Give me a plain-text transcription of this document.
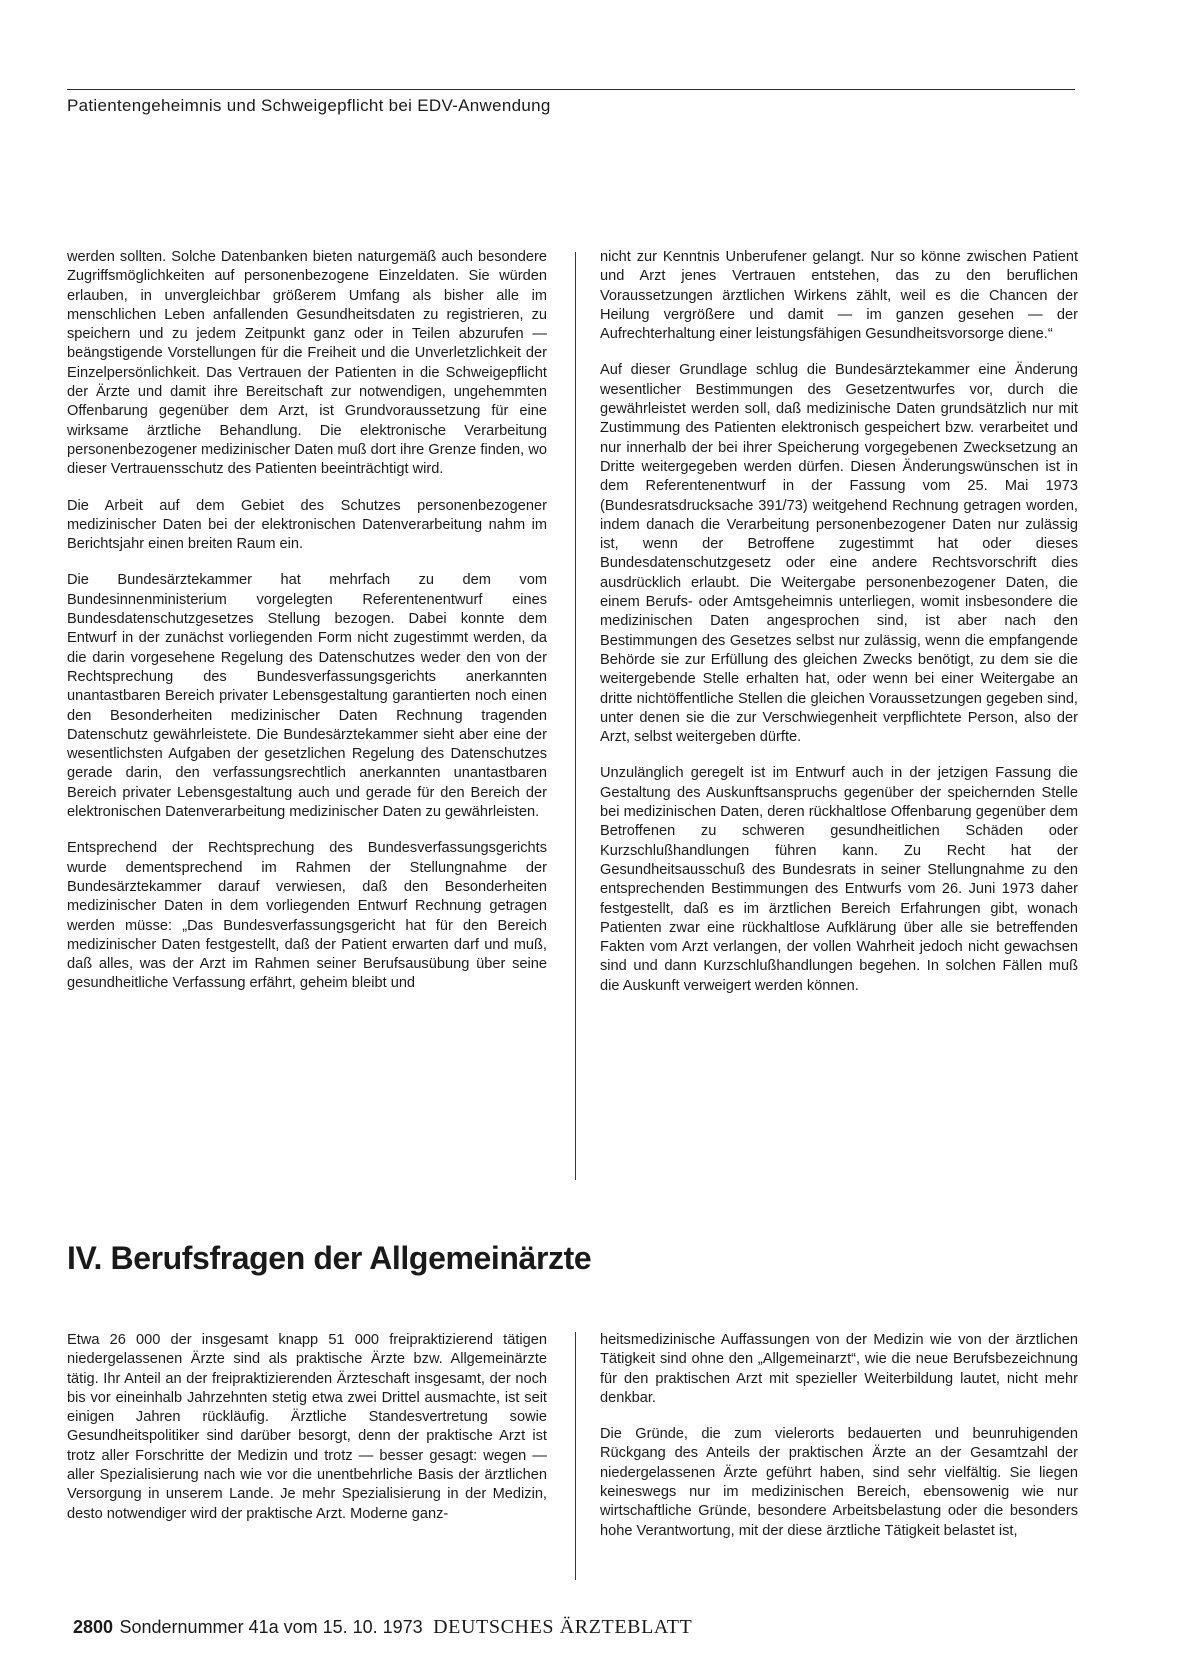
Patientengeheimnis und Schweigepflicht bei EDV-Anwendung

werden sollten. Solche Datenbanken bieten naturgemäß auch besondere Zugriffsmöglichkeiten auf personenbezogene Einzeldaten. Sie würden erlauben, in unvergleichbar größerem Umfang als bisher alle im menschlichen Leben anfallenden Gesundheitsdaten zu registrieren, zu speichern und zu jedem Zeitpunkt ganz oder in Teilen abzurufen — beängstigende Vorstellungen für die Freiheit und die Unverletzlichkeit der Einzelpersönlichkeit. Das Vertrauen der Patienten in die Schweigepflicht der Ärzte und damit ihre Bereitschaft zur notwendigen, ungehemmten Offenbarung gegenüber dem Arzt, ist Grundvoraussetzung für eine wirksame ärztliche Behandlung. Die elektronische Verarbeitung personenbezogener medizinischer Daten muß dort ihre Grenze finden, wo dieser Vertrauensschutz des Patienten beeinträchtigt wird.

Die Arbeit auf dem Gebiet des Schutzes personenbezogener medizinischer Daten bei der elektronischen Datenverarbeitung nahm im Berichtsjahr einen breiten Raum ein.

Die Bundesärztekammer hat mehrfach zu dem vom Bundesinnenministerium vorgelegten Referentenentwurf eines Bundesdatenschutzgesetzes Stellung bezogen. Dabei konnte dem Entwurf in der zunächst vorliegenden Form nicht zugestimmt werden, da die darin vorgesehene Regelung des Datenschutzes weder den von der Rechtsprechung des Bundesverfassungsgerichts anerkannten unantastbaren Bereich privater Lebensgestaltung garantierten noch einen den Besonderheiten medizinischer Daten Rechnung tragenden Datenschutz gewährleistete. Die Bundesärztekammer sieht aber eine der wesentlichsten Aufgaben der gesetzlichen Regelung des Datenschutzes gerade darin, den verfassungsrechtlich anerkannten unantastbaren Bereich privater Lebensgestaltung auch und gerade für den Bereich der elektronischen Datenverarbeitung medizinischer Daten zu gewährleisten.

Entsprechend der Rechtsprechung des Bundesverfassungsgerichts wurde dementsprechend im Rahmen der Stellungnahme der Bundesärztekammer darauf verwiesen, daß den Besonderheiten medizinischer Daten in dem vorliegenden Entwurf Rechnung getragen werden müsse: „Das Bundesverfassungsgericht hat für den Bereich medizinischer Daten festgestellt, daß der Patient erwarten darf und muß, daß alles, was der Arzt im Rahmen seiner Berufsausübung über seine gesundheitliche Verfassung erfährt, geheim bleibt und

nicht zur Kenntnis Unberufener gelangt. Nur so könne zwischen Patient und Arzt jenes Vertrauen entstehen, das zu den beruflichen Voraussetzungen ärztlichen Wirkens zählt, weil es die Chancen der Heilung vergrößere und damit — im ganzen gesehen — der Aufrechterhaltung einer leistungsfähigen Gesundheitsvorsorge diene.“

Auf dieser Grundlage schlug die Bundesärztekammer eine Änderung wesentlicher Bestimmungen des Gesetzentwurfes vor, durch die gewährleistet werden soll, daß medizinische Daten grundsätzlich nur mit Zustimmung des Patienten elektronisch gespeichert bzw. verarbeitet und nur innerhalb der bei ihrer Speicherung vorgegebenen Zwecksetzung an Dritte weitergegeben werden dürfen. Diesen Änderungswünschen ist in dem Referentenentwurf in der Fassung vom 25. Mai 1973 (Bundesratsdrucksache 391/73) weitgehend Rechnung getragen worden, indem danach die Verarbeitung personenbezogener Daten nur zulässig ist, wenn der Betroffene zugestimmt hat oder dieses Bundesdatenschutzgesetz oder eine andere Rechtsvorschrift dies ausdrücklich erlaubt. Die Weitergabe personenbezogener Daten, die einem Berufs- oder Amtsgeheimnis unterliegen, womit insbesondere die medizinischen Daten angesprochen sind, ist aber nach den Bestimmungen des Gesetzes selbst nur zulässig, wenn die empfangende Behörde sie zur Erfüllung des gleichen Zwecks benötigt, zu dem sie die weitergebende Stelle erhalten hat, oder wenn bei einer Weitergabe an dritte nichtöffentliche Stellen die gleichen Voraussetzungen gegeben sind, unter denen sie die zur Verschwiegenheit verpflichtete Person, also der Arzt, selbst weitergeben dürfte.

Unzulänglich geregelt ist im Entwurf auch in der jetzigen Fassung die Gestaltung des Auskunftsanspruchs gegenüber der speichernden Stelle bei medizinischen Daten, deren rückhaltlose Offenbarung gegenüber dem Betroffenen zu schweren gesundheitlichen Schäden oder Kurzschlußhandlungen führen kann. Zu Recht hat der Gesundheitsausschuß des Bundesrats in seiner Stellungnahme zu den entsprechenden Bestimmungen des Entwurfs vom 26. Juni 1973 daher festgestellt, daß es im ärztlichen Bereich Erfahrungen gibt, wonach Patienten zwar eine rückhaltlose Aufklärung über alle sie betreffenden Fakten vom Arzt verlangen, der vollen Wahrheit jedoch nicht gewachsen sind und dann Kurzschlußhandlungen begehen. In solchen Fällen muß die Auskunft verweigert werden können.

IV. Berufsfragen der Allgemeinärzte

Etwa 26 000 der insgesamt knapp 51 000 freipraktizierend tätigen niedergelassenen Ärzte sind als praktische Ärzte bzw. Allgemeinärzte tätig. Ihr Anteil an der freipraktizierenden Ärzteschaft insgesamt, der noch bis vor eineinhalb Jahrzehnten stetig etwa zwei Drittel ausmachte, ist seit einigen Jahren rückläufig. Ärztliche Standesvertretung sowie Gesundheitspolitiker sind darüber besorgt, denn der praktische Arzt ist trotz aller Forschritte der Medizin und trotz — besser gesagt: wegen — aller Spezialisierung nach wie vor die unentbehrliche Basis der ärztlichen Versorgung in unserem Lande. Je mehr Spezialisierung in der Medizin, desto notwendiger wird der praktische Arzt. Moderne ganz-

heitsmedizinische Auffassungen von der Medizin wie von der ärztlichen Tätigkeit sind ohne den „Allgemeinarzt“, wie die neue Berufsbezeichnung für den praktischen Arzt mit spezieller Weiterbildung lautet, nicht mehr denkbar.

Die Gründe, die zum vielerorts bedauerten und beunruhigenden Rückgang des Anteils der praktischen Ärzte an der Gesamtzahl der niedergelassenen Ärzte geführt haben, sind sehr vielfältig. Sie liegen keineswegs nur im medizinischen Bereich, ebensowenig wie nur wirtschaftliche Gründe, besondere Arbeitsbelastung oder die besonders hohe Verantwortung, mit der diese ärztliche Tätigkeit belastet ist,

2800 Sondernummer 41a vom 15. 10. 1973 DEUTSCHES ÄRZTEBLATT
